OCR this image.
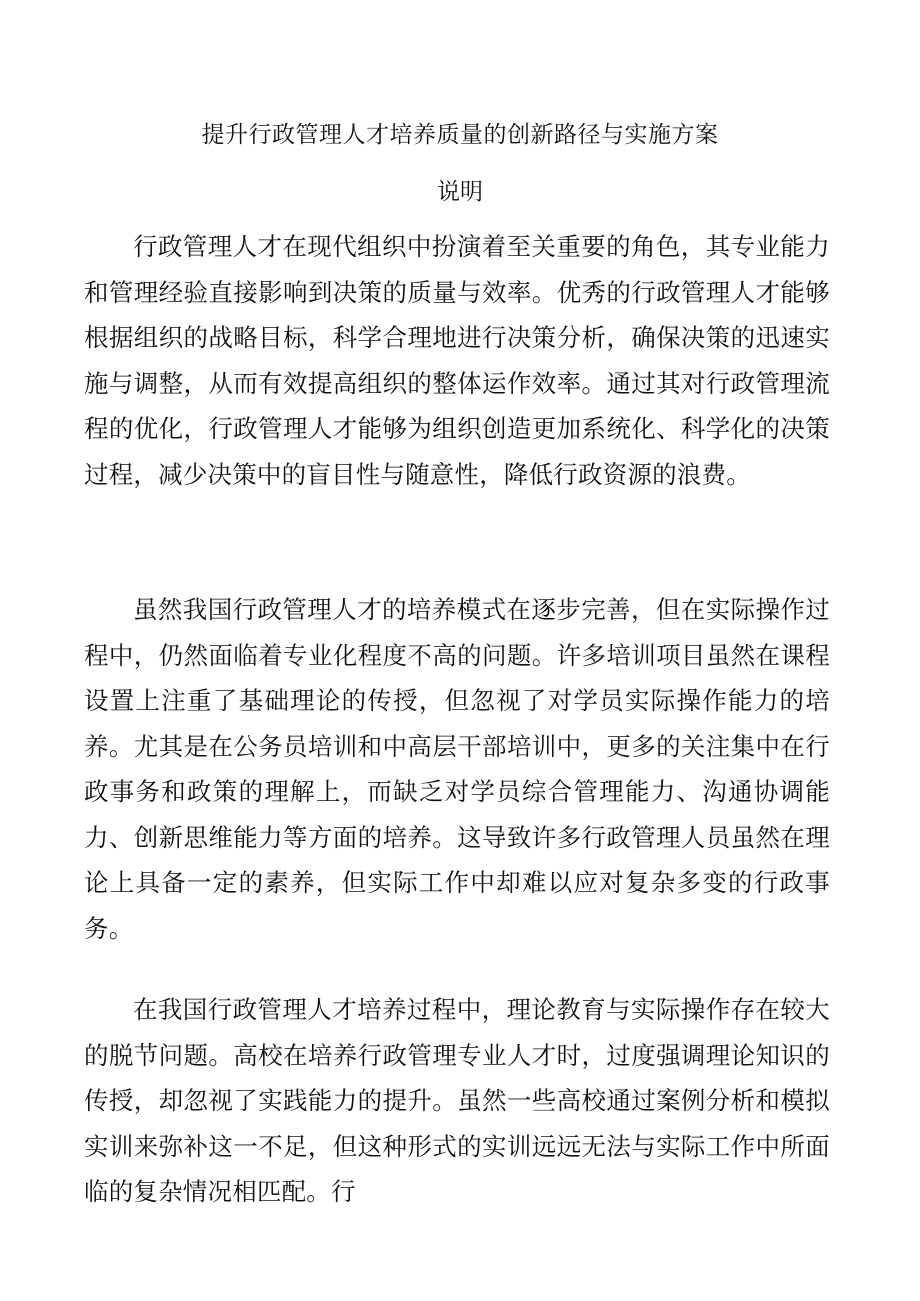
提升行政管理人才培养质量的创新路径与实施方案
说明

行政管理人才在现代组织中扮演着至关重要的角色，其专业能力和管理经验直接影响到决策的质量与效率。优秀的行政管理人才能够根据组织的战略目标，科学合理地进行决策分析，确保决策的迅速实施与调整，从而有效提高组织的整体运作效率。通过其对行政管理流程的优化，行政管理人才能够为组织创造更加系统化、科学化的决策过程，减少决策中的盲目性与随意性，降低行政资源的浪费。

虽然我国行政管理人才的培养模式在逐步完善，但在实际操作过程中，仍然面临着专业化程度不高的问题。许多培训项目虽然在课程设置上注重了基础理论的传授，但忽视了对学员实际操作能力的培养。尤其是在公务员培训和中高层干部培训中，更多的关注集中在行政事务和政策的理解上，而缺乏对学员综合管理能力、沟通协调能力、创新思维能力等方面的培养。这导致许多行政管理人员虽然在理论上具备一定的素养，但实际工作中却难以应对复杂多变的行政事务。

在我国行政管理人才培养过程中，理论教育与实际操作存在较大的脱节问题。高校在培养行政管理专业人才时，过度强调理论知识的传授，却忽视了实践能力的提升。虽然一些高校通过案例分析和模拟实训来弥补这一不足，但这种形式的实训远远无法与实际工作中所面临的复杂情况相匹配。行
